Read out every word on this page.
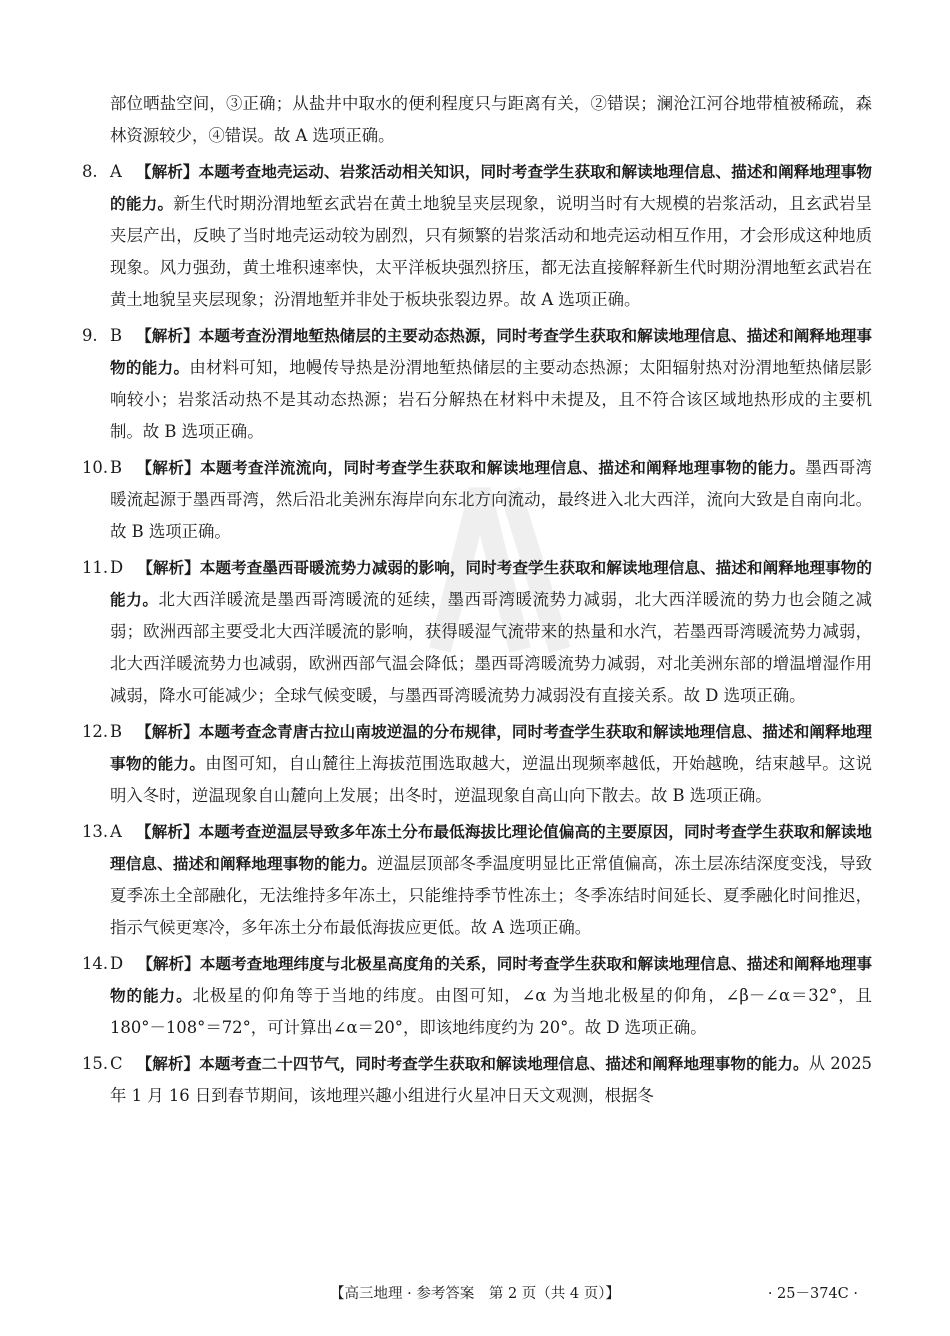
部位晒盐空间，③正确；从盐井中取水的便利程度只与距离有关，②错误；澜沧江河谷地带植被稀疏，森林资源较少，④错误。故 A 选项正确。
8. A 【解析】本题考查地壳运动、岩浆活动相关知识，同时考查学生获取和解读地理信息、描述和阐释地理事物的能力。新生代时期汾渭地堑玄武岩在黄土地貌呈夹层现象，说明当时有大规模的岩浆活动，且玄武岩呈夹层产出，反映了当时地壳运动较为剧烈，只有频繁的岩浆活动和地壳运动相互作用，才会形成这种地质现象。风力强劲，黄土堆积速率快，太平洋板块强烈挤压，都无法直接解释新生代时期汾渭地堑玄武岩在黄土地貌呈夹层现象；汾渭地堑并非处于板块张裂边界。故 A 选项正确。
9. B 【解析】本题考查汾渭地堑热储层的主要动态热源，同时考查学生获取和解读地理信息、描述和阐释地理事物的能力。由材料可知，地幔传导热是汾渭地堑热储层的主要动态热源；太阳辐射热对汾渭地堑热储层影响较小；岩浆活动热不是其动态热源；岩石分解热在材料中未提及，且不符合该区域地热形成的主要机制。故 B 选项正确。
10. B 【解析】本题考查洋流流向，同时考查学生获取和解读地理信息、描述和阐释地理事物的能力。墨西哥湾暖流起源于墨西哥湾，然后沿北美洲东海岸向东北方向流动，最终进入北大西洋，流向大致是自南向北。故 B 选项正确。
11. D 【解析】本题考查墨西哥暖流势力减弱的影响，同时考查学生获取和解读地理信息、描述和阐释地理事物的能力。北大西洋暖流是墨西哥湾暖流的延续，墨西哥湾暖流势力减弱，北大西洋暖流的势力也会随之减弱；欧洲西部主要受北大西洋暖流的影响，获得暖湿气流带来的热量和水汽，若墨西哥湾暖流势力减弱，北大西洋暖流势力也减弱，欧洲西部气温会降低；墨西哥湾暖流势力减弱，对北美洲东部的增温增湿作用减弱，降水可能减少；全球气候变暖，与墨西哥湾暖流势力减弱没有直接关系。故 D 选项正确。
12. B 【解析】本题考查念青唐古拉山南坡逆温的分布规律，同时考查学生获取和解读地理信息、描述和阐释地理事物的能力。由图可知，自山麓往上海拔范围选取越大，逆温出现频率越低，开始越晚，结束越早。这说明入冬时，逆温现象自山麓向上发展；出冬时，逆温现象自高山向下散去。故 B 选项正确。
13. A 【解析】本题考查逆温层导致多年冻土分布最低海拔比理论值偏高的主要原因，同时考查学生获取和解读地理信息、描述和阐释地理事物的能力。逆温层顶部冬季温度明显比正常值偏高，冻土层冻结深度变浅，导致夏季冻土全部融化，无法维持多年冻土，只能维持季节性冻土；冬季冻结时间延长、夏季融化时间推迟，指示气候更寒冷，多年冻土分布最低海拔应更低。故 A 选项正确。
14. D 【解析】本题考查地理纬度与北极星高度角的关系，同时考查学生获取和解读地理信息、描述和阐释地理事物的能力。北极星的仰角等于当地的纬度。由图可知，∠α 为当地北极星的仰角，∠β－∠α＝32°，且 180°－108°＝72°，可计算出∠α＝20°，即该地纬度约为 20°。故 D 选项正确。
15. C 【解析】本题考查二十四节气，同时考查学生获取和解读地理信息、描述和阐释地理事物的能力。从 2025 年 1 月 16 日到春节期间，该地理兴趣小组进行火星冲日天文观测，根据冬
【高三地理 · 参考答案　第 2 页（共 4 页）】	· 25－374C ·
